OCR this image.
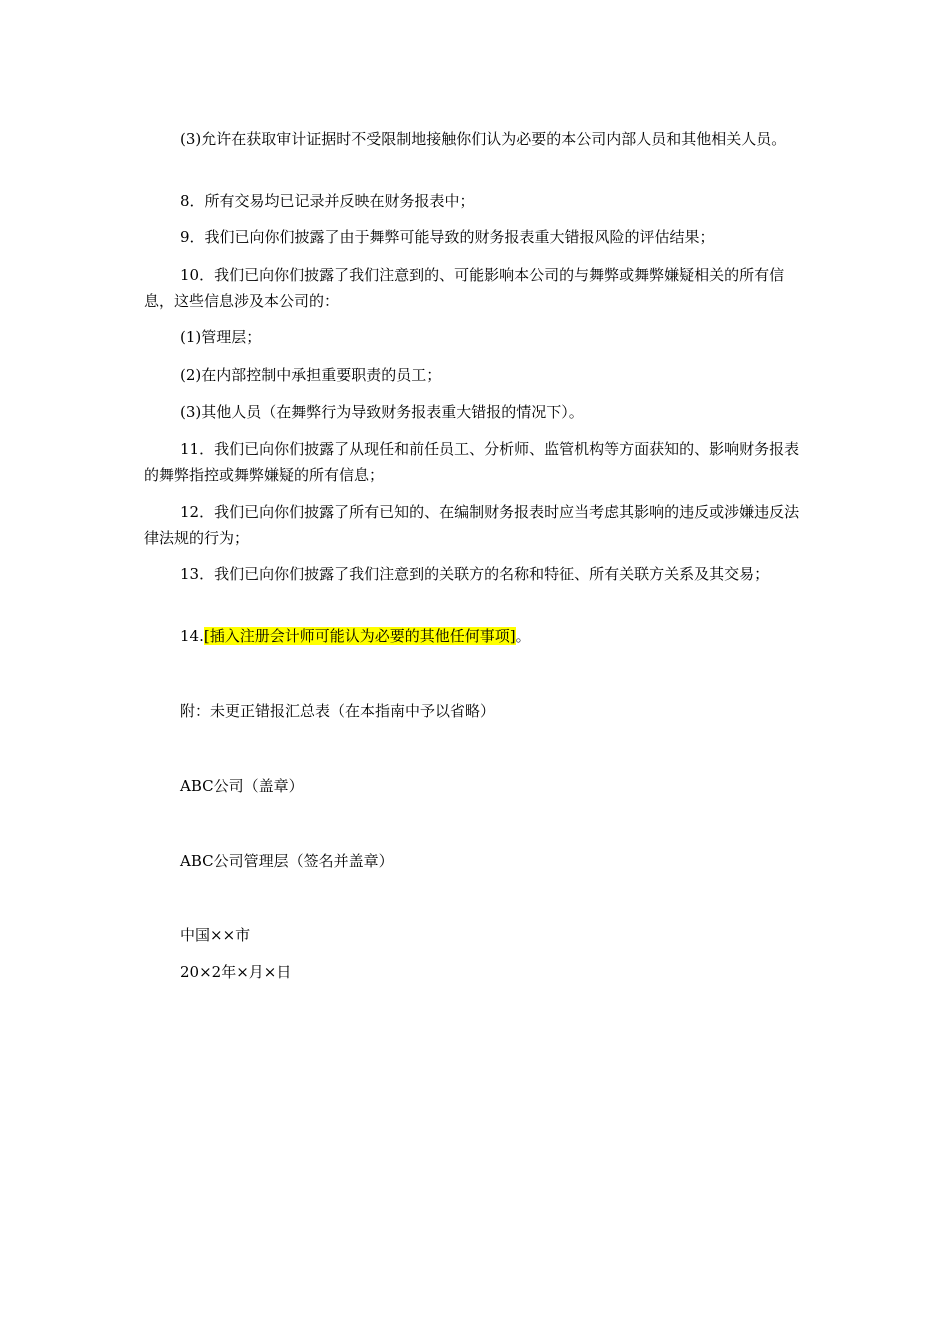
(3)允许在获取审计证据时不受限制地接触你们认为必要的本公司内部人员和其他相关人员。

8．所有交易均已记录并反映在财务报表中；

9．我们已向你们披露了由于舞弊可能导致的财务报表重大错报风险的评估结果；

10．我们已向你们披露了我们注意到的、可能影响本公司的与舞弊或舞弊嫌疑相关的所有信息，这些信息涉及本公司的：

(1)管理层；

(2)在内部控制中承担重要职责的员工；

(3)其他人员（在舞弊行为导致财务报表重大错报的情况下）。

11．我们已向你们披露了从现任和前任员工、分析师、监管机构等方面获知的、影响财务报表的舞弊指控或舞弊嫌疑的所有信息；

12．我们已向你们披露了所有已知的、在编制财务报表时应当考虑其影响的违反或涉嫌违反法律法规的行为；

13．我们已向你们披露了我们注意到的关联方的名称和特征、所有关联方关系及其交易；

14.[插入注册会计师可能认为必要的其他任何事项]。

附：未更正错报汇总表（在本指南中予以省略）

ABC公司（盖章）

ABC公司管理层（签名并盖章）

中国××市

20×2年×月×日
